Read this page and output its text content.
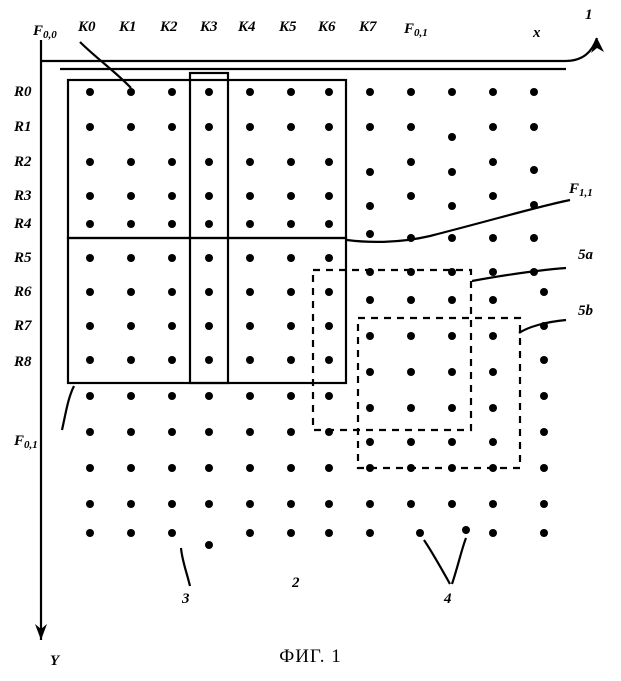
$F_{0,0}$	$F_{0,1}$
$F_{1,1}$
$F_{0,1}$
K0 K1 K2 K3 K4 K5 K6 K7
R0
R1
R2
R3
R4
R5
R6
R7
R8
x
Y
1
2
3	4
5a
5b
ФИГ. 1
